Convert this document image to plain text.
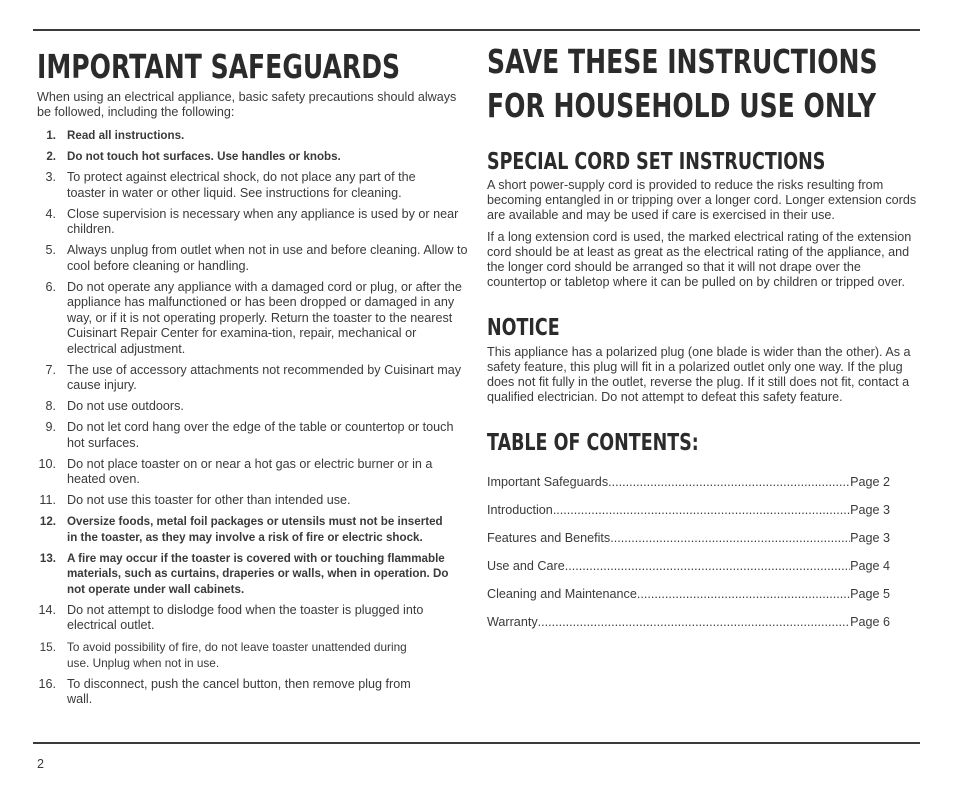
IMPORTANT SAFEGUARDS

When using an electrical appliance, basic safety precautions should always be followed, including the following:

1. Read all instructions.
2. Do not touch hot surfaces. Use handles or knobs.
3. To protect against electrical shock, do not place any part of the toaster in water or other liquid. See instructions for cleaning.
4. Close supervision is necessary when any appliance is used by or near children.
5. Always unplug from outlet when not in use and before cleaning. Allow to cool before cleaning or handling.
6. Do not operate any appliance with a damaged cord or plug, or after the appliance has malfunctioned or has been dropped or damaged in any way, or if it is not operating properly. Return the toaster to the nearest Cuisinart Repair Center for examina-tion, repair, mechanical or electrical adjustment.
7. The use of accessory attachments not recommended by Cuisinart may cause injury.
8. Do not use outdoors.
9. Do not let cord hang over the edge of the table or countertop or touch hot surfaces.
10. Do not place toaster on or near a hot gas or electric burner or in a heated oven.
11. Do not use this toaster for other than intended use.
12. Oversize foods, metal foil packages or utensils must not be inserted in the toaster, as they may involve a risk of fire or electric shock.
13. A fire may occur if the toaster is covered with or touching flammable materials, such as curtains, draperies or walls, when in operation. Do not operate under wall cabinets.
14. Do not attempt to dislodge food when the toaster is plugged into electrical outlet.
15. To avoid possibility of fire, do not leave toaster unattended during use. Unplug when not in use.
16. To disconnect, push the cancel button, then remove plug from wall.
SAVE THESE INSTRUCTIONS
FOR HOUSEHOLD USE ONLY
SPECIAL CORD SET INSTRUCTIONS

A short power-supply cord is provided to reduce the risks resulting from becoming entangled in or tripping over a longer cord. Longer extension cords are available and may be used if care is exercised in their use.

If a long extension cord is used, the marked electrical rating of the extension cord should be at least as great as the electrical rating of the appliance, and the longer cord should be arranged so that it will not drape over the countertop or tabletop where it can be pulled on by children or tripped over.

NOTICE

This appliance has a polarized plug (one blade is wider than the other). As a safety feature, this plug will fit in a polarized outlet only one way. If the plug does not fit fully in the outlet, reverse the plug. If it still does not fit, contact a qualified electrician. Do not attempt to defeat this safety feature.

TABLE OF CONTENTS:
Important Safeguards .....	Page 2
Introduction .....	Page 3
Features and Benefits .....	Page 3
Use and Care .....	Page 4
Cleaning and Maintenance .....	Page 5
Warranty .....	Page 6
2
